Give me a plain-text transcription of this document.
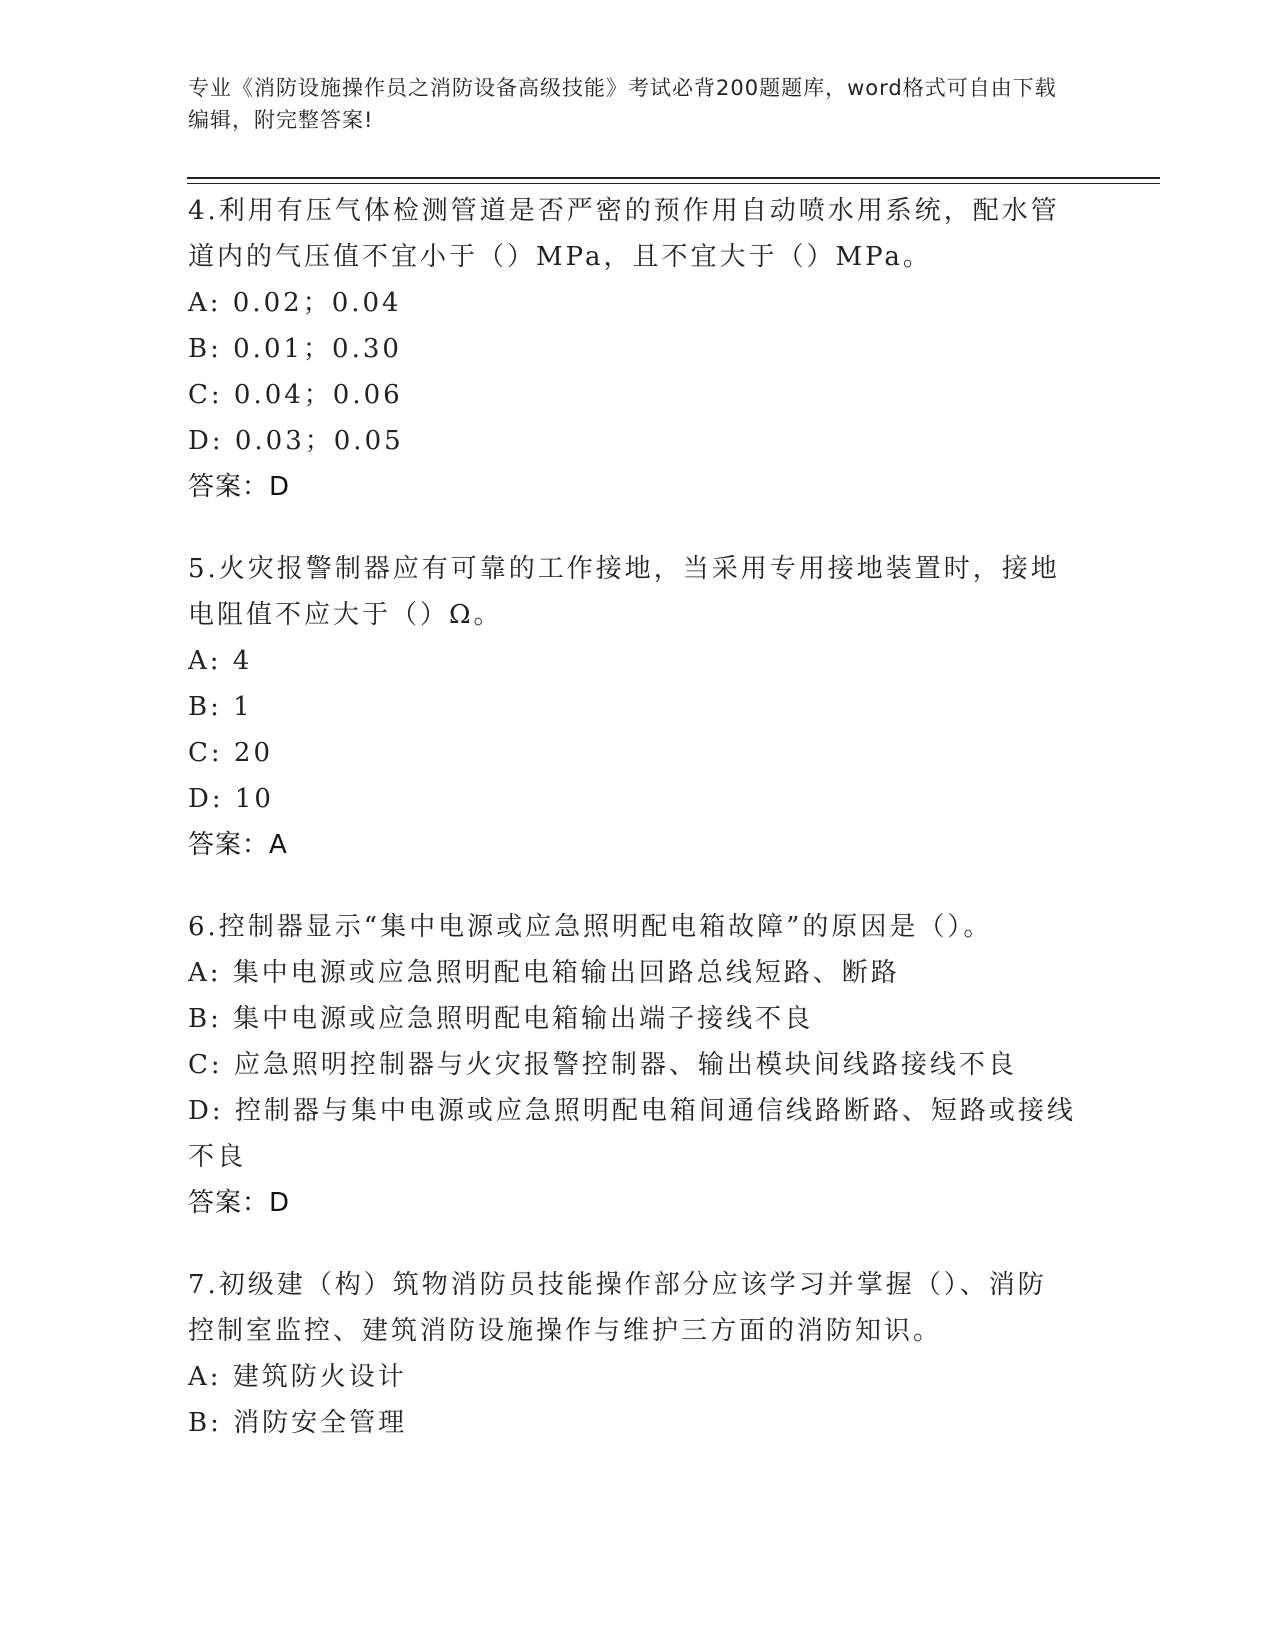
专业《消防设施操作员之消防设备高级技能》考试必背200题题库，word格式可自由下载编辑，附完整答案!

4.利用有压气体检测管道是否严密的预作用自动喷水用系统，配水管道内的气压值不宜小于（）MPa，且不宜大于（）MPa。

A: 0.02；0.04

B: 0.01；0.30

C: 0.04；0.06

D: 0.03；0.05

答案：D

5.火灾报警制器应有可靠的工作接地，当采用专用接地装置时，接地电阻值不应大于（）Ω。

A: 4

B: 1

C: 20

D: 10

答案：A

6.控制器显示“集中电源或应急照明配电箱故障”的原因是（）。

A: 集中电源或应急照明配电箱输出回路总线短路、断路

B: 集中电源或应急照明配电箱输出端子接线不良

C: 应急照明控制器与火灾报警控制器、输出模块间线路接线不良

D: 控制器与集中电源或应急照明配电箱间通信线路断路、短路或接线不良

答案：D

7.初级建（构）筑物消防员技能操作部分应该学习并掌握（）、消防控制室监控、建筑消防设施操作与维护三方面的消防知识。

A: 建筑防火设计

B: 消防安全管理
